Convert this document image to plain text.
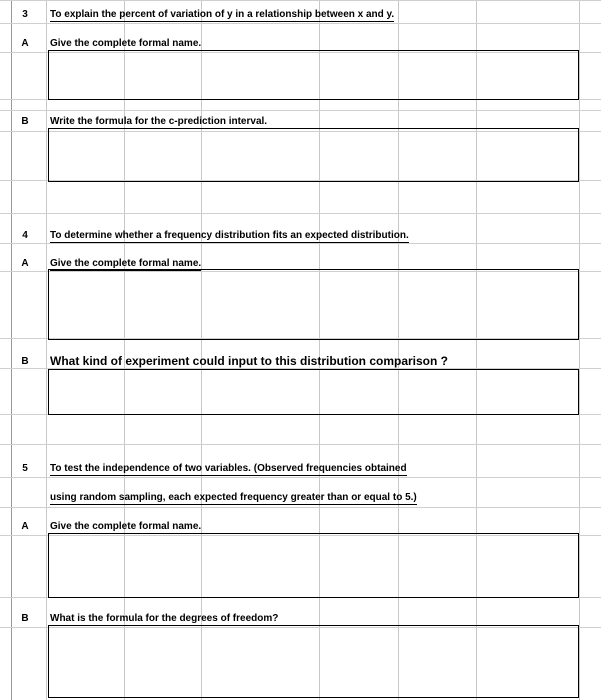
3	To explain the percent of variation of y in a relationship between x and y.
A	Give the complete formal name.
B	Write the formula for the c-prediction interval.
4	To determine whether a frequency distribution fits an expected distribution.
A	Give the complete formal name.
B	What kind of experiment could input to this distribution comparison ?
5	To test the independence of two variables. (Observed frequencies obtained
using random sampling, each expected frequency greater than or equal to 5.)
A	Give the complete formal name.
B	What is the formula for the degrees of freedom?
